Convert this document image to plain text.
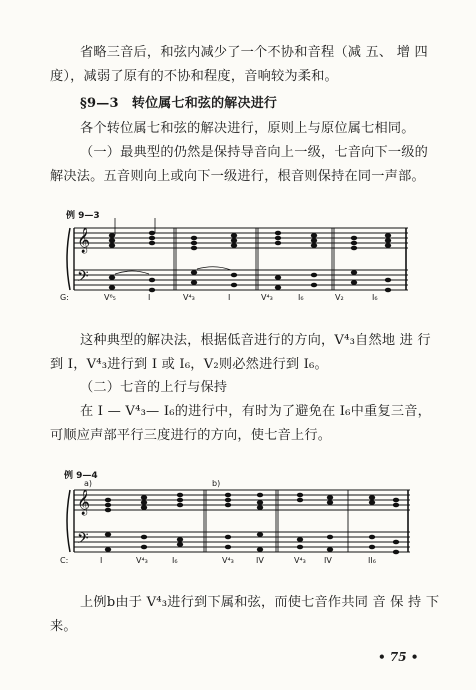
省略三音后，和弦内减少了一个不协和音程（减 五、 增 四
度），减弱了原有的不协和程度，音响较为柔和。
§9—3　转位属七和弦的解决进行
各个转位属七和弦的解决进行，原则上与原位属七相同。
（一）最典型的仍然是保持导音向上一级，七音向下一级的
解决法。五音则向上或向下一级进行，根音则保持在同一声部。
例 9—3
𝄞
𝄢
G:	V⁶₅	I	V⁴₃	I	V⁴₃	I₆	V₂	I₆
这种典型的解决法，根据低音进行的方向，V⁴₃自然地 进 行
到 I，V⁴₃进行到 I 或 I₆，V₂则必然进行到 I₆。
（二）七音的上行与保持
在 I — V⁴₃— I₆的进行中，有时为了避免在 I₆中重复三音，
可顺应声部平行三度进行的方向，使七音上行。
例 9—4
a)	b)
𝄞
𝄢
C:	I	V⁴₃	I₆	V⁴₃	IV	V⁴₃ IV	II₆
上例b由于 V⁴₃进行到下属和弦，而使七音作共同 音 保 持 下
来。
• 75 •
